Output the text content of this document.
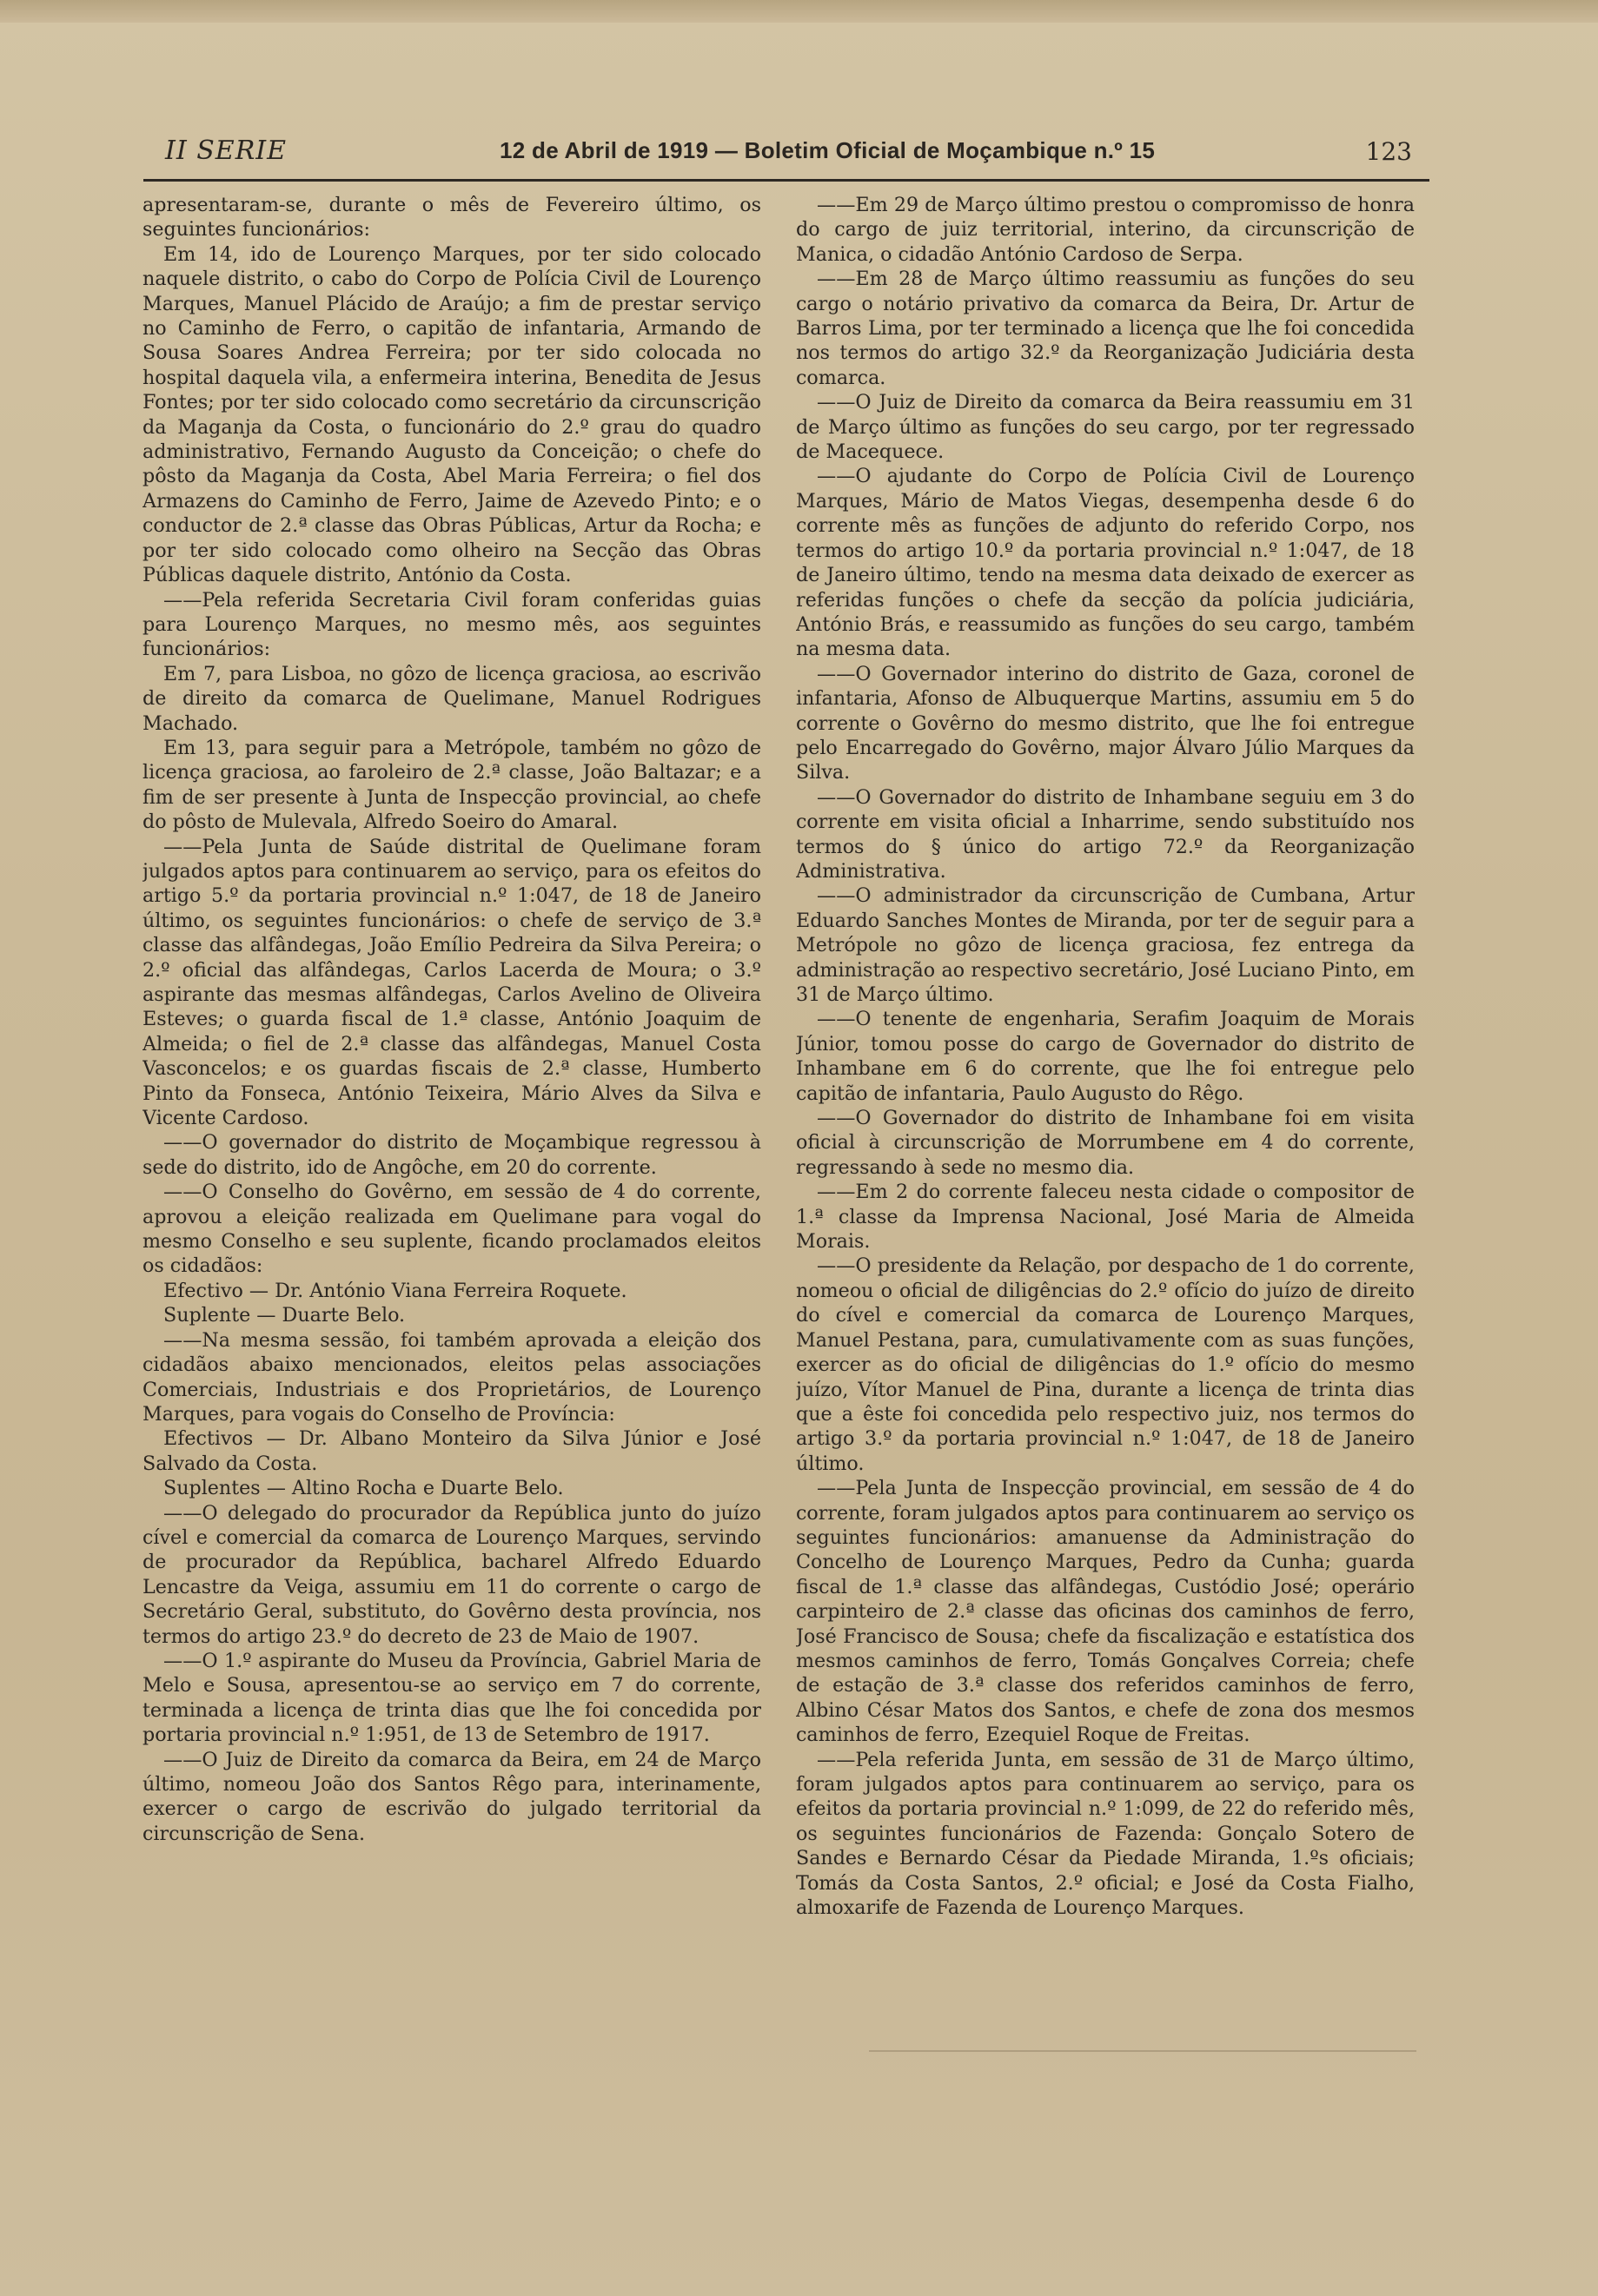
II SERIE	12 de Abril de 1919 — Boletim Oficial de Moçambique n.º 15	123

apresentaram-se, durante o mês de Fevereiro último, os seguintes funcionários:

Em 14, ido de Lourenço Marques, por ter sido colocado naquele distrito, o cabo do Corpo de Polícia Civil de Lourenço Marques, Manuel Plácido de Araújo; a fim de prestar serviço no Caminho de Ferro, o capitão de infantaria, Armando de Sousa Soares Andrea Ferreira; por ter sido colocada no hospital daquela vila, a enfermeira interina, Benedita de Jesus Fontes; por ter sido colocado como secretário da circunscrição da Maganja da Costa, o funcionário do 2.º grau do quadro administrativo, Fernando Augusto da Conceição; o chefe do pôsto da Maganja da Costa, Abel Maria Ferreira; o fiel dos Armazens do Caminho de Ferro, Jaime de Azevedo Pinto; e o conductor de 2.ª classe das Obras Públicas, Artur da Rocha; e por ter sido colocado como olheiro na Secção das Obras Públicas daquele distrito, António da Costa.

——Pela referida Secretaria Civil foram conferidas guias para Lourenço Marques, no mesmo mês, aos seguintes funcionários:

Em 7, para Lisboa, no gôzo de licença graciosa, ao escrivão de direito da comarca de Quelimane, Manuel Rodrigues Machado.

Em 13, para seguir para a Metrópole, também no gôzo de licença graciosa, ao faroleiro de 2.ª classe, João Baltazar; e a fim de ser presente à Junta de Inspecção provincial, ao chefe do pôsto de Mulevala, Alfredo Soeiro do Amaral.

——Pela Junta de Saúde distrital de Quelimane foram julgados aptos para continuarem ao serviço, para os efeitos do artigo 5.º da portaria provincial n.º 1:047, de 18 de Janeiro último, os seguintes funcionários: o chefe de serviço de 3.ª classe das alfândegas, João Emílio Pedreira da Silva Pereira; o 2.º oficial das alfândegas, Carlos Lacerda de Moura; o 3.º aspirante das mesmas alfândegas, Carlos Avelino de Oliveira Esteves; o guarda fiscal de 1.ª classe, António Joaquim de Almeida; o fiel de 2.ª classe das alfândegas, Manuel Costa Vasconcelos; e os guardas fiscais de 2.ª classe, Humberto Pinto da Fonseca, António Teixeira, Mário Alves da Silva e Vicente Cardoso.

——O governador do distrito de Moçambique regressou à sede do distrito, ido de Angôche, em 20 do corrente.

——O Conselho do Govêrno, em sessão de 4 do corrente, aprovou a eleição realizada em Quelimane para vogal do mesmo Conselho e seu suplente, ficando proclamados eleitos os cidadãos:

Efectivo — Dr. António Viana Ferreira Roquete.

Suplente — Duarte Belo.

——Na mesma sessão, foi também aprovada a eleição dos cidadãos abaixo mencionados, eleitos pelas associações Comerciais, Industriais e dos Proprietários, de Lourenço Marques, para vogais do Conselho de Província:

Efectivos — Dr. Albano Monteiro da Silva Júnior e José Salvado da Costa.

Suplentes — Altino Rocha e Duarte Belo.

——O delegado do procurador da República junto do juízo cível e comercial da comarca de Lourenço Marques, servindo de procurador da República, bacharel Alfredo Eduardo Lencastre da Veiga, assumiu em 11 do corrente o cargo de Secretário Geral, substituto, do Govêrno desta província, nos termos do artigo 23.º do decreto de 23 de Maio de 1907.

——O 1.º aspirante do Museu da Província, Gabriel Maria de Melo e Sousa, apresentou-se ao serviço em 7 do corrente, terminada a licença de trinta dias que lhe foi concedida por portaria provincial n.º 1:951, de 13 de Setembro de 1917.

——O Juiz de Direito da comarca da Beira, em 24 de Março último, nomeou João dos Santos Rêgo para, interinamente, exercer o cargo de escrivão do julgado territorial da circunscrição de Sena.

——Em 29 de Março último prestou o compromisso de honra do cargo de juiz territorial, interino, da circunscrição de Manica, o cidadão António Cardoso de Serpa.

——Em 28 de Março último reassumiu as funções do seu cargo o notário privativo da comarca da Beira, Dr. Artur de Barros Lima, por ter terminado a licença que lhe foi concedida nos termos do artigo 32.º da Reorganização Judiciária desta comarca.

——O Juiz de Direito da comarca da Beira reassumiu em 31 de Março último as funções do seu cargo, por ter regressado de Macequece.

——O ajudante do Corpo de Polícia Civil de Lourenço Marques, Mário de Matos Viegas, desempenha desde 6 do corrente mês as funções de adjunto do referido Corpo, nos termos do artigo 10.º da portaria provincial n.º 1:047, de 18 de Janeiro último, tendo na mesma data deixado de exercer as referidas funções o chefe da secção da polícia judiciária, António Brás, e reassumido as funções do seu cargo, também na mesma data.

——O Governador interino do distrito de Gaza, coronel de infantaria, Afonso de Albuquerque Martins, assumiu em 5 do corrente o Govêrno do mesmo distrito, que lhe foi entregue pelo Encarregado do Govêrno, major Álvaro Júlio Marques da Silva.

——O Governador do distrito de Inhambane seguiu em 3 do corrente em visita oficial a Inharrime, sendo substituído nos termos do § único do artigo 72.º da Reorganização Administrativa.

——O administrador da circunscrição de Cumbana, Artur Eduardo Sanches Montes de Miranda, por ter de seguir para a Metrópole no gôzo de licença graciosa, fez entrega da administração ao respectivo secretário, José Luciano Pinto, em 31 de Março último.

——O tenente de engenharia, Serafim Joaquim de Morais Júnior, tomou posse do cargo de Governador do distrito de Inhambane em 6 do corrente, que lhe foi entregue pelo capitão de infantaria, Paulo Augusto do Rêgo.

——O Governador do distrito de Inhambane foi em visita oficial à circunscrição de Morrumbene em 4 do corrente, regressando à sede no mesmo dia.

——Em 2 do corrente faleceu nesta cidade o compositor de 1.ª classe da Imprensa Nacional, José Maria de Almeida Morais.

——O presidente da Relação, por despacho de 1 do corrente, nomeou o oficial de diligências do 2.º ofício do juízo de direito do cível e comercial da comarca de Lourenço Marques, Manuel Pestana, para, cumulativamente com as suas funções, exercer as do oficial de diligências do 1.º ofício do mesmo juízo, Vítor Manuel de Pina, durante a licença de trinta dias que a êste foi concedida pelo respectivo juiz, nos termos do artigo 3.º da portaria provincial n.º 1:047, de 18 de Janeiro último.

——Pela Junta de Inspecção provincial, em sessão de 4 do corrente, foram julgados aptos para continuarem ao serviço os seguintes funcionários: amanuense da Administração do Concelho de Lourenço Marques, Pedro da Cunha; guarda fiscal de 1.ª classe das alfândegas, Custódio José; operário carpinteiro de 2.ª classe das oficinas dos caminhos de ferro, José Francisco de Sousa; chefe da fiscalização e estatística dos mesmos caminhos de ferro, Tomás Gonçalves Correia; chefe de estação de 3.ª classe dos referidos caminhos de ferro, Albino César Matos dos Santos, e chefe de zona dos mesmos caminhos de ferro, Ezequiel Roque de Freitas.

——Pela referida Junta, em sessão de 31 de Março último, foram julgados aptos para continuarem ao serviço, para os efeitos da portaria provincial n.º 1:099, de 22 do referido mês, os seguintes funcionários de Fazenda: Gonçalo Sotero de Sandes e Bernardo César da Piedade Miranda, 1.ºs oficiais; Tomás da Costa Santos, 2.º oficial; e José da Costa Fialho, almoxarife de Fazenda de Lourenço Marques.
